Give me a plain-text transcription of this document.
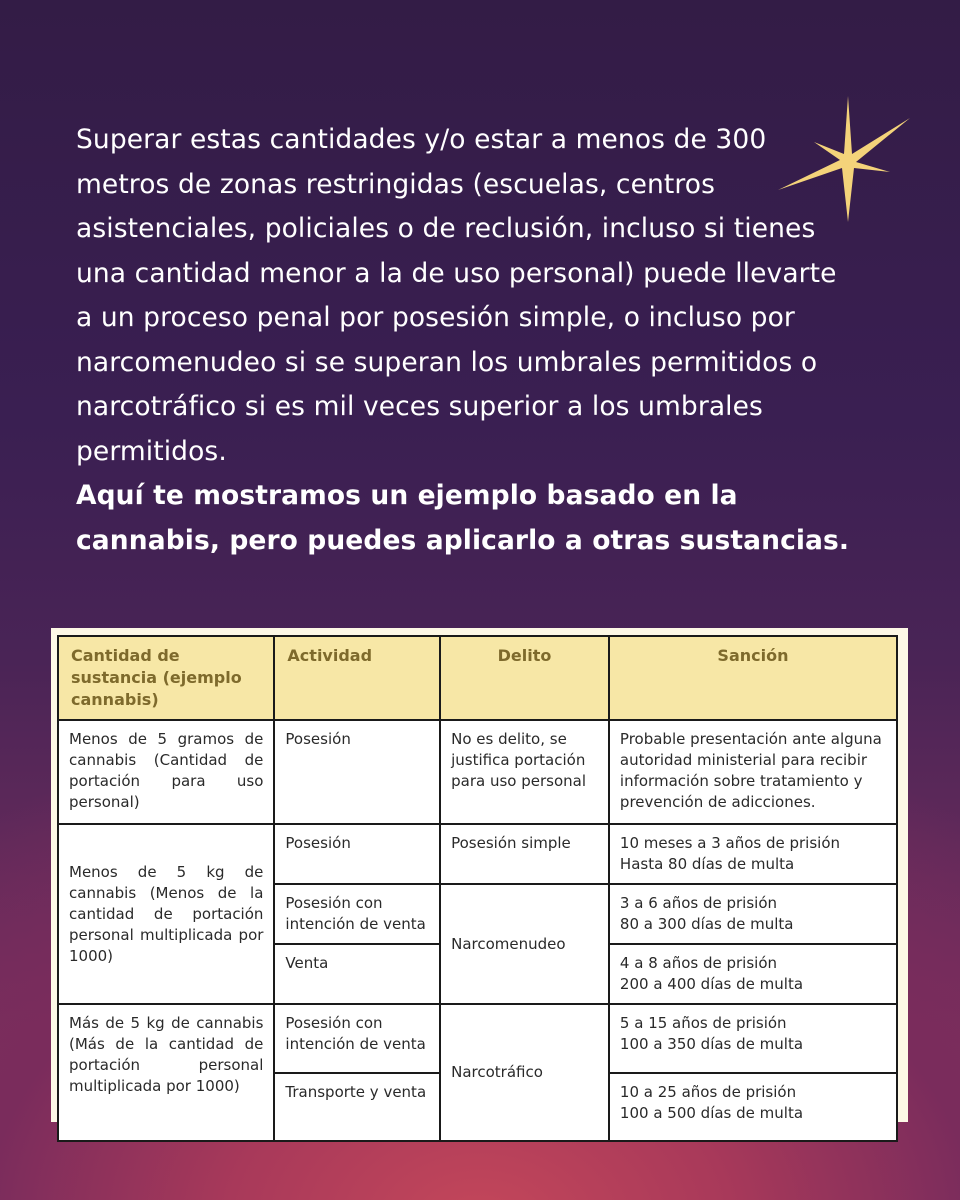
Superar estas cantidades y/o estar a menos de 300 metros de zonas restringidas (escuelas, centros asistenciales, policiales o de reclusión, incluso si tienes una cantidad menor a la de uso personal) puede llevarte a un proceso penal por posesión simple, o incluso por narcomenudeo si se superan los umbrales permitidos o narcotráfico si es mil veces superior a los umbrales permitidos.

Aquí te mostramos un ejemplo basado en la cannabis, pero puedes aplicarlo a otras sustancias.

Cantidad de sustancia (ejemplo cannabis)	Actividad	Delito	Sanción
Menos de 5 gramos de cannabis (Cantidad de portación para uso personal)	Posesión	No es delito, se justifica portación para uso personal	Probable presentación ante alguna autoridad ministerial para recibir información sobre tratamiento y prevención de adicciones.
Menos de 5 kg de cannabis (Menos de la cantidad de portación personal multiplicada por 1000)	Posesión	Posesión simple	10 meses a 3 años de prisión
Hasta 80 días de multa

	Posesión con intención de venta	Narcomenudeo	3 a 6 años de prisión
80 a 300 días de multa

	Venta		4 a 8 años de prisión
200 a 400 días de multa

Más de 5 kg de cannabis (Más de la cantidad de portación personal multiplicada por 1000)	Posesión con intención de venta	Narcotráfico	5 a 15 años de prisión
100 a 350 días de multa

	Transporte y venta		10 a 25 años de prisión
100 a 500 días de multa
